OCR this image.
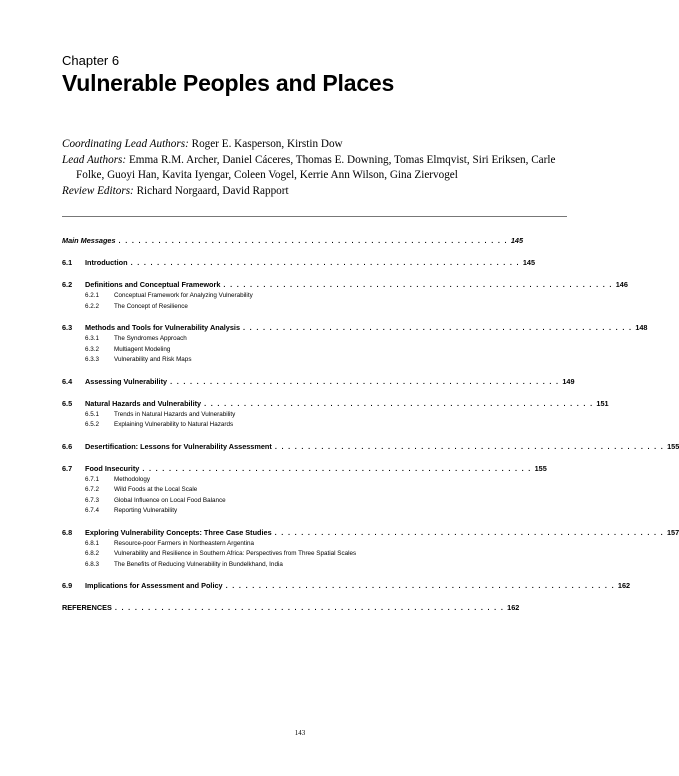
Chapter 6
Vulnerable Peoples and Places

Coordinating Lead Authors: Roger E. Kasperson, Kirstin Dow

Lead Authors: Emma R.M. Archer, Daniel Cáceres, Thomas E. Downing, Tomas Elmqvist, Siri Eriksen, Carle Folke, Guoyi Han, Kavita Iyengar, Coleen Vogel, Kerrie Ann Wilson, Gina Ziervogel

Review Editors: Richard Norgaard, David Rapport

Main Messages . . . . . . . . . . . . . . . . . . . . . . . . . . . . . . . . . . . . . . . . . . . . . . . . . . . . . . . . . . . 145
6.1	Introduction . . . . . . . . . . . . . . . . . . . . . . . . . . . . . . . . . . . . . . . . . . . . . . . . . . . . . . . . . . . 145
6.2	Definitions and Conceptual Framework . . . . . . . . . . . . . . . . . . . . . . . . . . . . . . . . . . . . . . . . . . . . . . . . . . . . . . . . . . . 146
6.2.1	Conceptual Framework for Analyzing Vulnerability
6.2.2	The Concept of Resilience
6.3	Methods and Tools for Vulnerability Analysis . . . . . . . . . . . . . . . . . . . . . . . . . . . . . . . . . . . . . . . . . . . . . . . . . . . . . . . . . . . 148
6.3.1	The Syndromes Approach
6.3.2	Multiagent Modeling
6.3.3	Vulnerability and Risk Maps
6.4	Assessing Vulnerability . . . . . . . . . . . . . . . . . . . . . . . . . . . . . . . . . . . . . . . . . . . . . . . . . . . . . . . . . . . 149
6.5	Natural Hazards and Vulnerability . . . . . . . . . . . . . . . . . . . . . . . . . . . . . . . . . . . . . . . . . . . . . . . . . . . . . . . . . . . 151
6.5.1	Trends in Natural Hazards and Vulnerability
6.5.2	Explaining Vulnerability to Natural Hazards
6.6	Desertification: Lessons for Vulnerability Assessment . . . . . . . . . . . . . . . . . . . . . . . . . . . . . . . . . . . . . . . . . . . . . . . . . . . . . . . . . . . 155
6.7	Food Insecurity . . . . . . . . . . . . . . . . . . . . . . . . . . . . . . . . . . . . . . . . . . . . . . . . . . . . . . . . . . . 155
6.7.1	Methodology
6.7.2	Wild Foods at the Local Scale
6.7.3	Global Influence on Local Food Balance
6.7.4	Reporting Vulnerability
6.8	Exploring Vulnerability Concepts: Three Case Studies . . . . . . . . . . . . . . . . . . . . . . . . . . . . . . . . . . . . . . . . . . . . . . . . . . . . . . . . . . . 157
6.8.1	Resource-poor Farmers in Northeastern Argentina
6.8.2	Vulnerability and Resilience in Southern Africa: Perspectives from Three Spatial Scales
6.8.3	The Benefits of Reducing Vulnerability in Bundelkhand, India
6.9	Implications for Assessment and Policy . . . . . . . . . . . . . . . . . . . . . . . . . . . . . . . . . . . . . . . . . . . . . . . . . . . . . . . . . . . 162
REFERENCES . . . . . . . . . . . . . . . . . . . . . . . . . . . . . . . . . . . . . . . . . . . . . . . . . . . . . . . . . . . 162
143
